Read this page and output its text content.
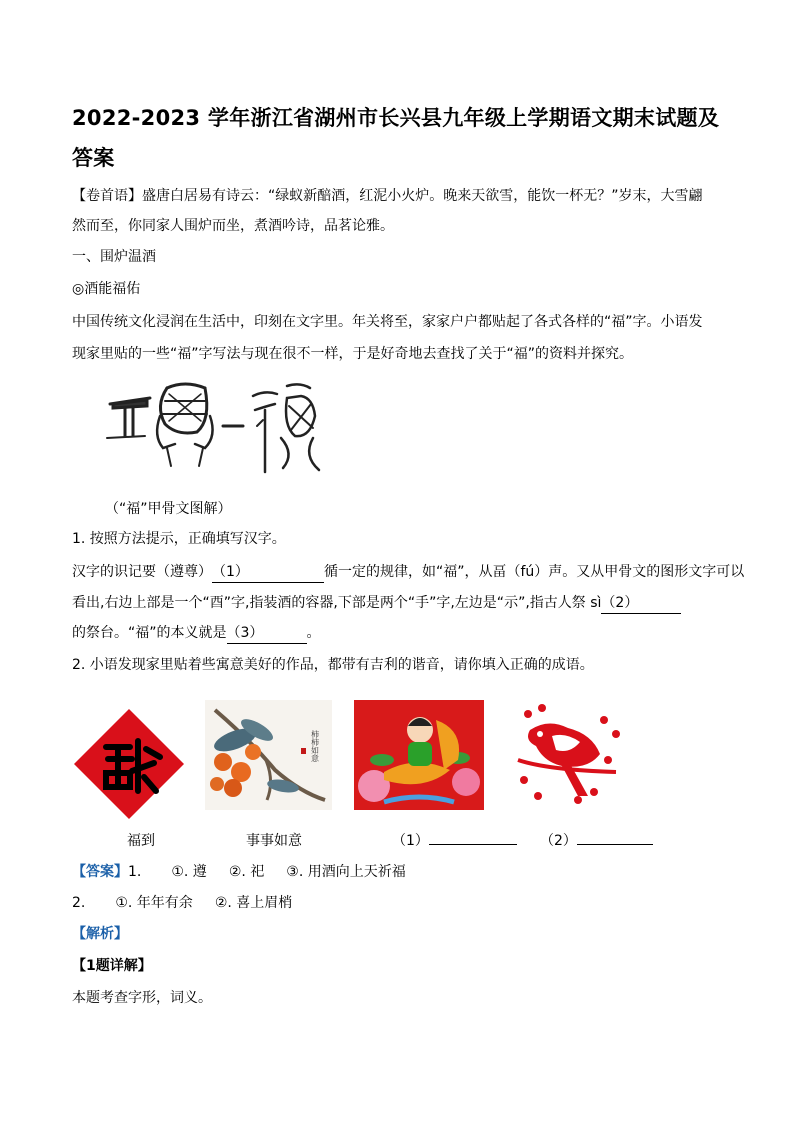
2022-2023 学年浙江省湖州市长兴县九年级上学期语文期末试题及答案
【卷首语】盛唐白居易有诗云：“绿蚁新醅酒，红泥小火炉。晚来天欲雪，能饮一杯无？”岁末，大雪翩
然而至，你同家人围炉而坐，煮酒吟诗，品茗论雅。
一、围炉温酒
◎酒能福佑
中国传统文化浸润在生活中，印刻在文字里。年关将至，家家户户都贴起了各式各样的“福”字。小语发
现家里贴的一些“福”字写法与现在很不一样，于是好奇地去查找了关于“福”的资料并探究。
（“福”甲骨文图解）
1. 按照方法提示，正确填写汉字。
汉字的识记要（遵尊）（1）	循一定的规律，如“福”，从畐（fú）声。又从甲骨文的图形文字可以
看出,右边上部是一个“酉”字,指装酒的容器,下部是两个“手”字,左边是“示”,指古人祭 sì（2）
的祭台。“福”的本义就是（3）	。
2. 小语发现家里贴着些寓意美好的作品，都带有吉利的谐音，请你填入正确的成语。
柿柿如意
福到	事事如意	（1）	（2）
【答案】1. ①. 遵 ②. 祀 ③. 用酒向上天祈福
2. ①. 年年有余 ②. 喜上眉梢
【解析】
【1题详解】
本题考查字形，词义。
